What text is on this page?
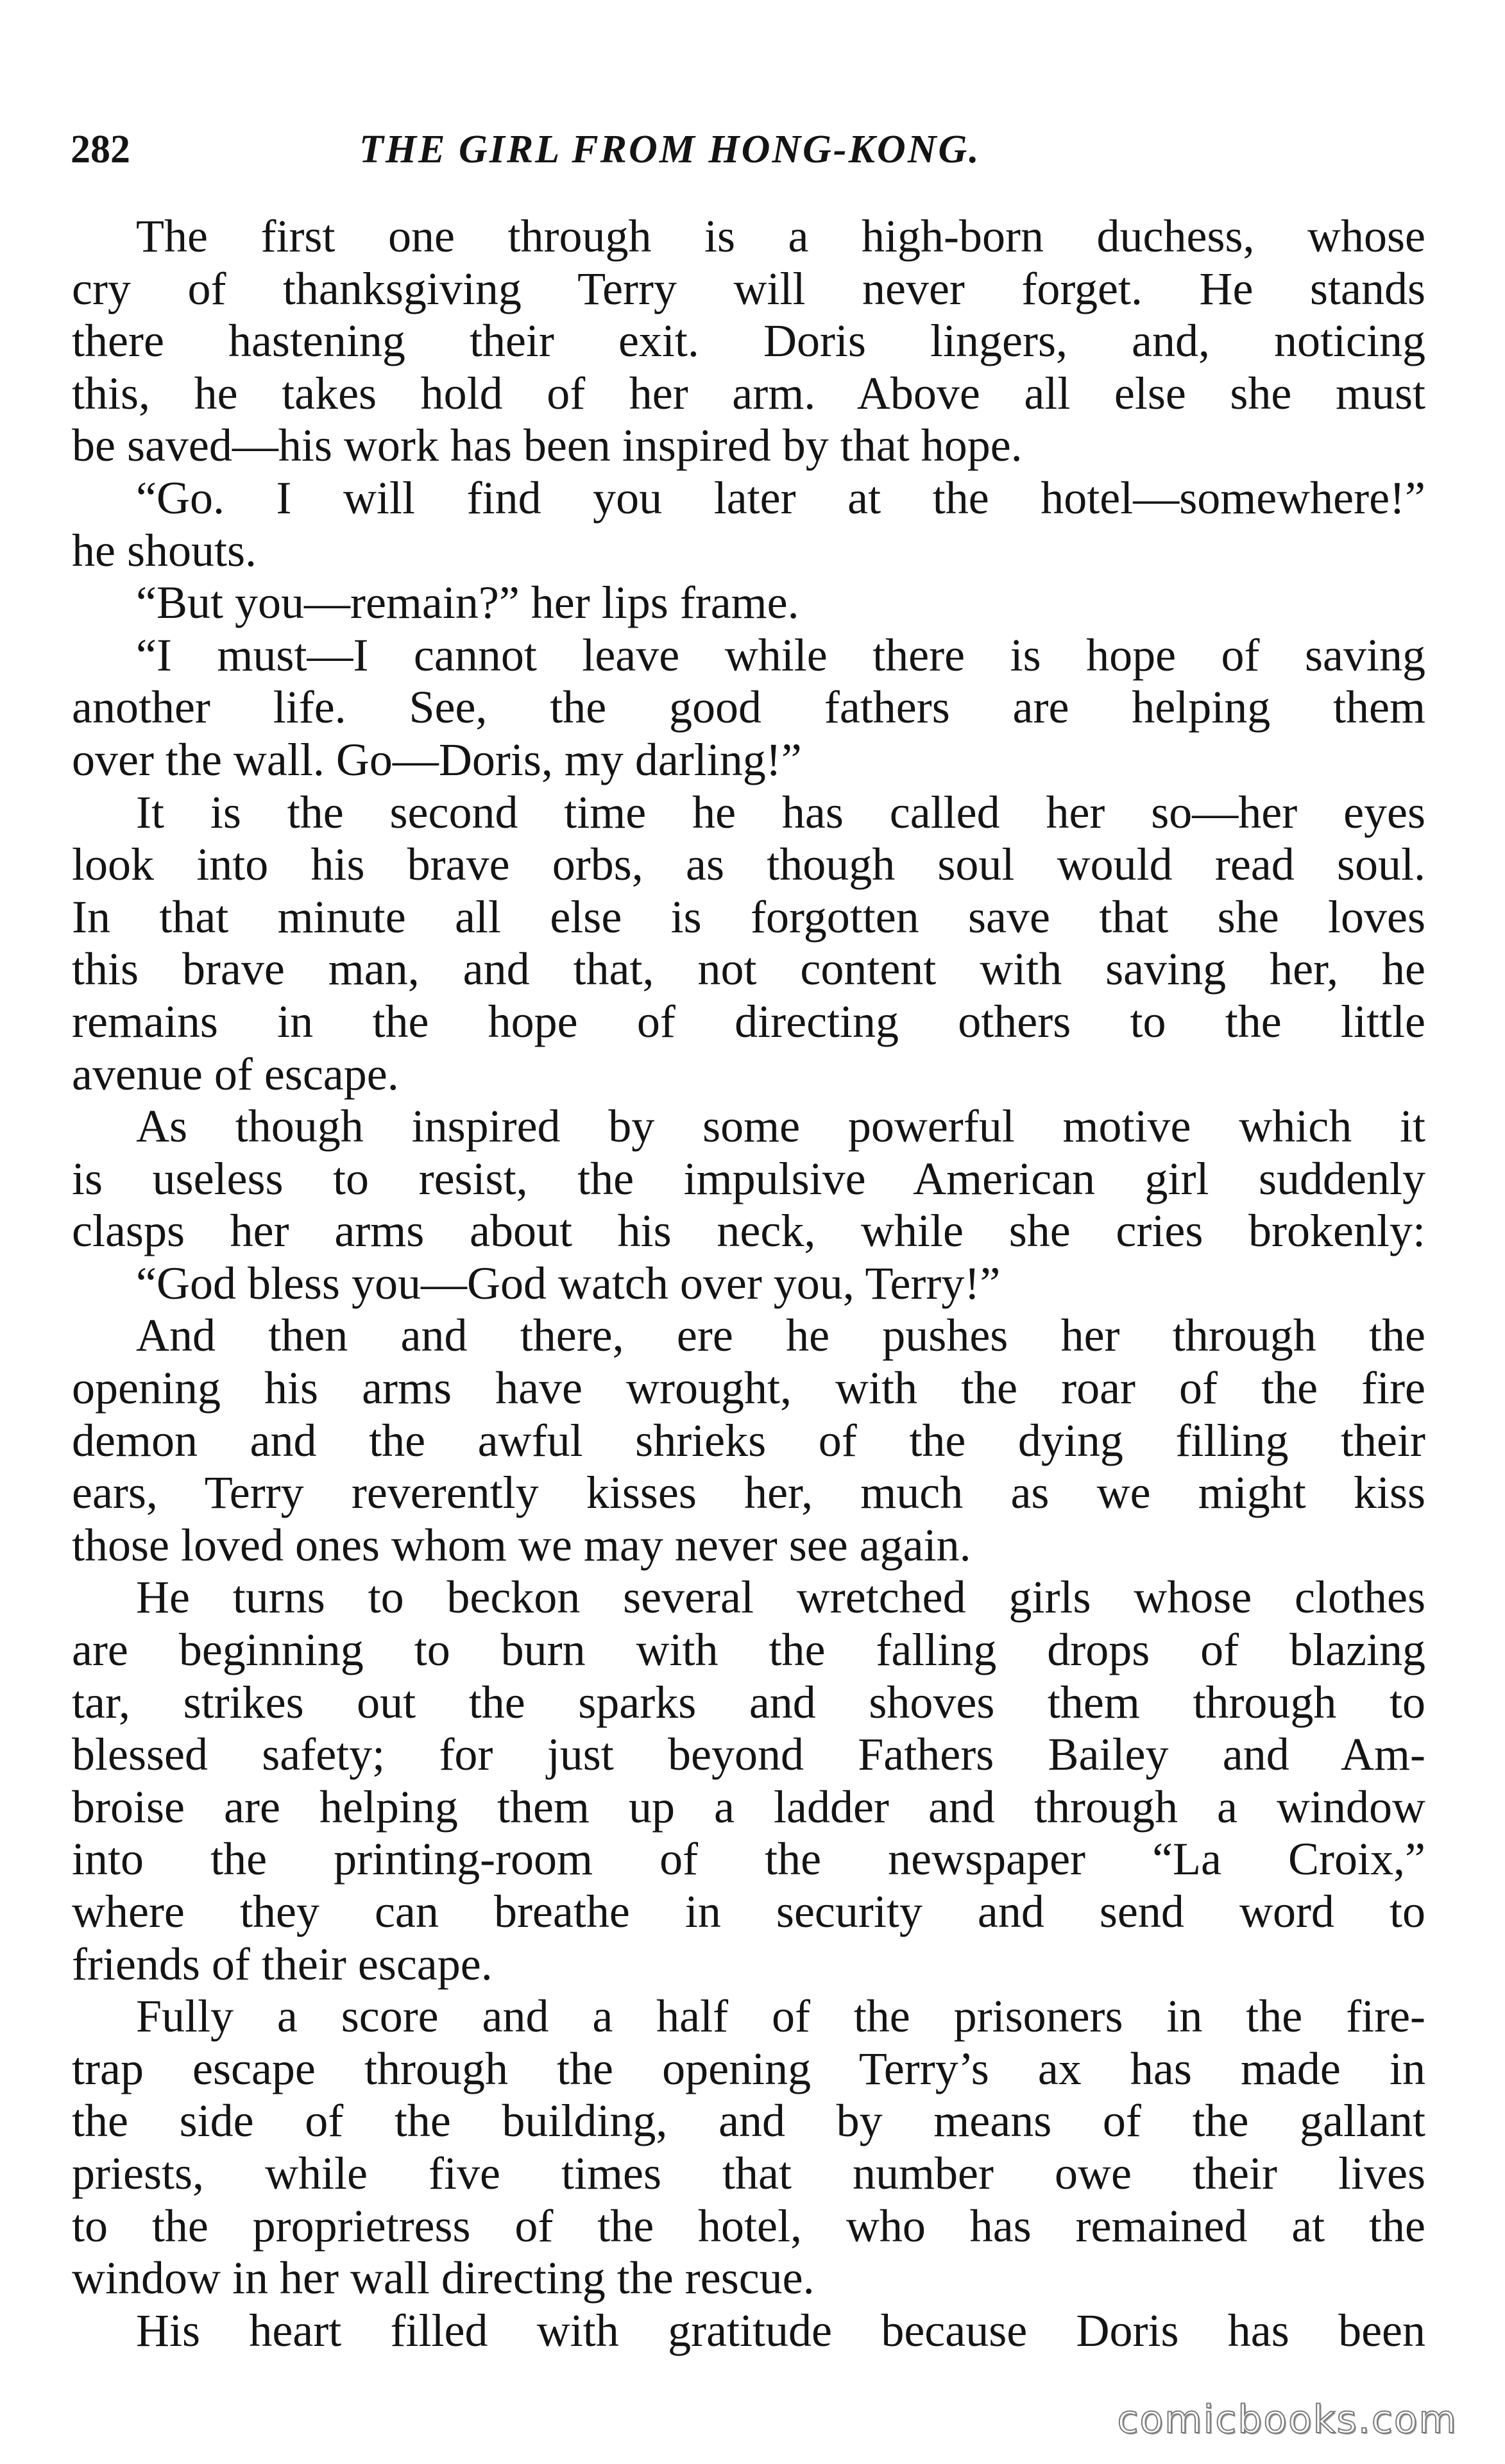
282	THE GIRL FROM HONG-KONG.
The first one through is a high-born duchess, whose
cry of thanksgiving Terry will never forget. He stands
there hastening their exit. Doris lingers, and, noticing
this, he takes hold of her arm. Above all else she must
be saved—his work has been inspired by that hope.
“Go. I will find you later at the hotel—somewhere!”
he shouts.
“But you—remain?” her lips frame.
“I must—I cannot leave while there is hope of saving
another life. See, the good fathers are helping them
over the wall. Go—Doris, my darling!”
It is the second time he has called her so—her eyes
look into his brave orbs, as though soul would read soul.
In that minute all else is forgotten save that she loves
this brave man, and that, not content with saving her, he
remains in the hope of directing others to the little
avenue of escape.
As though inspired by some powerful motive which it
is useless to resist, the impulsive American girl suddenly
clasps her arms about his neck, while she cries brokenly:
“God bless you—God watch over you, Terry!”
And then and there, ere he pushes her through the
opening his arms have wrought, with the roar of the fire
demon and the awful shrieks of the dying filling their
ears, Terry reverently kisses her, much as we might kiss
those loved ones whom we may never see again.
He turns to beckon several wretched girls whose clothes
are beginning to burn with the falling drops of blazing
tar, strikes out the sparks and shoves them through to
blessed safety; for just beyond Fathers Bailey and Am-
broise are helping them up a ladder and through a window
into the printing-room of the newspaper “La Croix,”
where they can breathe in security and send word to
friends of their escape.
Fully a score and a half of the prisoners in the fire-
trap escape through the opening Terry’s ax has made in
the side of the building, and by means of the gallant
priests, while five times that number owe their lives
to the proprietress of the hotel, who has remained at the
window in her wall directing the rescue.
His heart filled with gratitude because Doris has been
comicbooks.com
